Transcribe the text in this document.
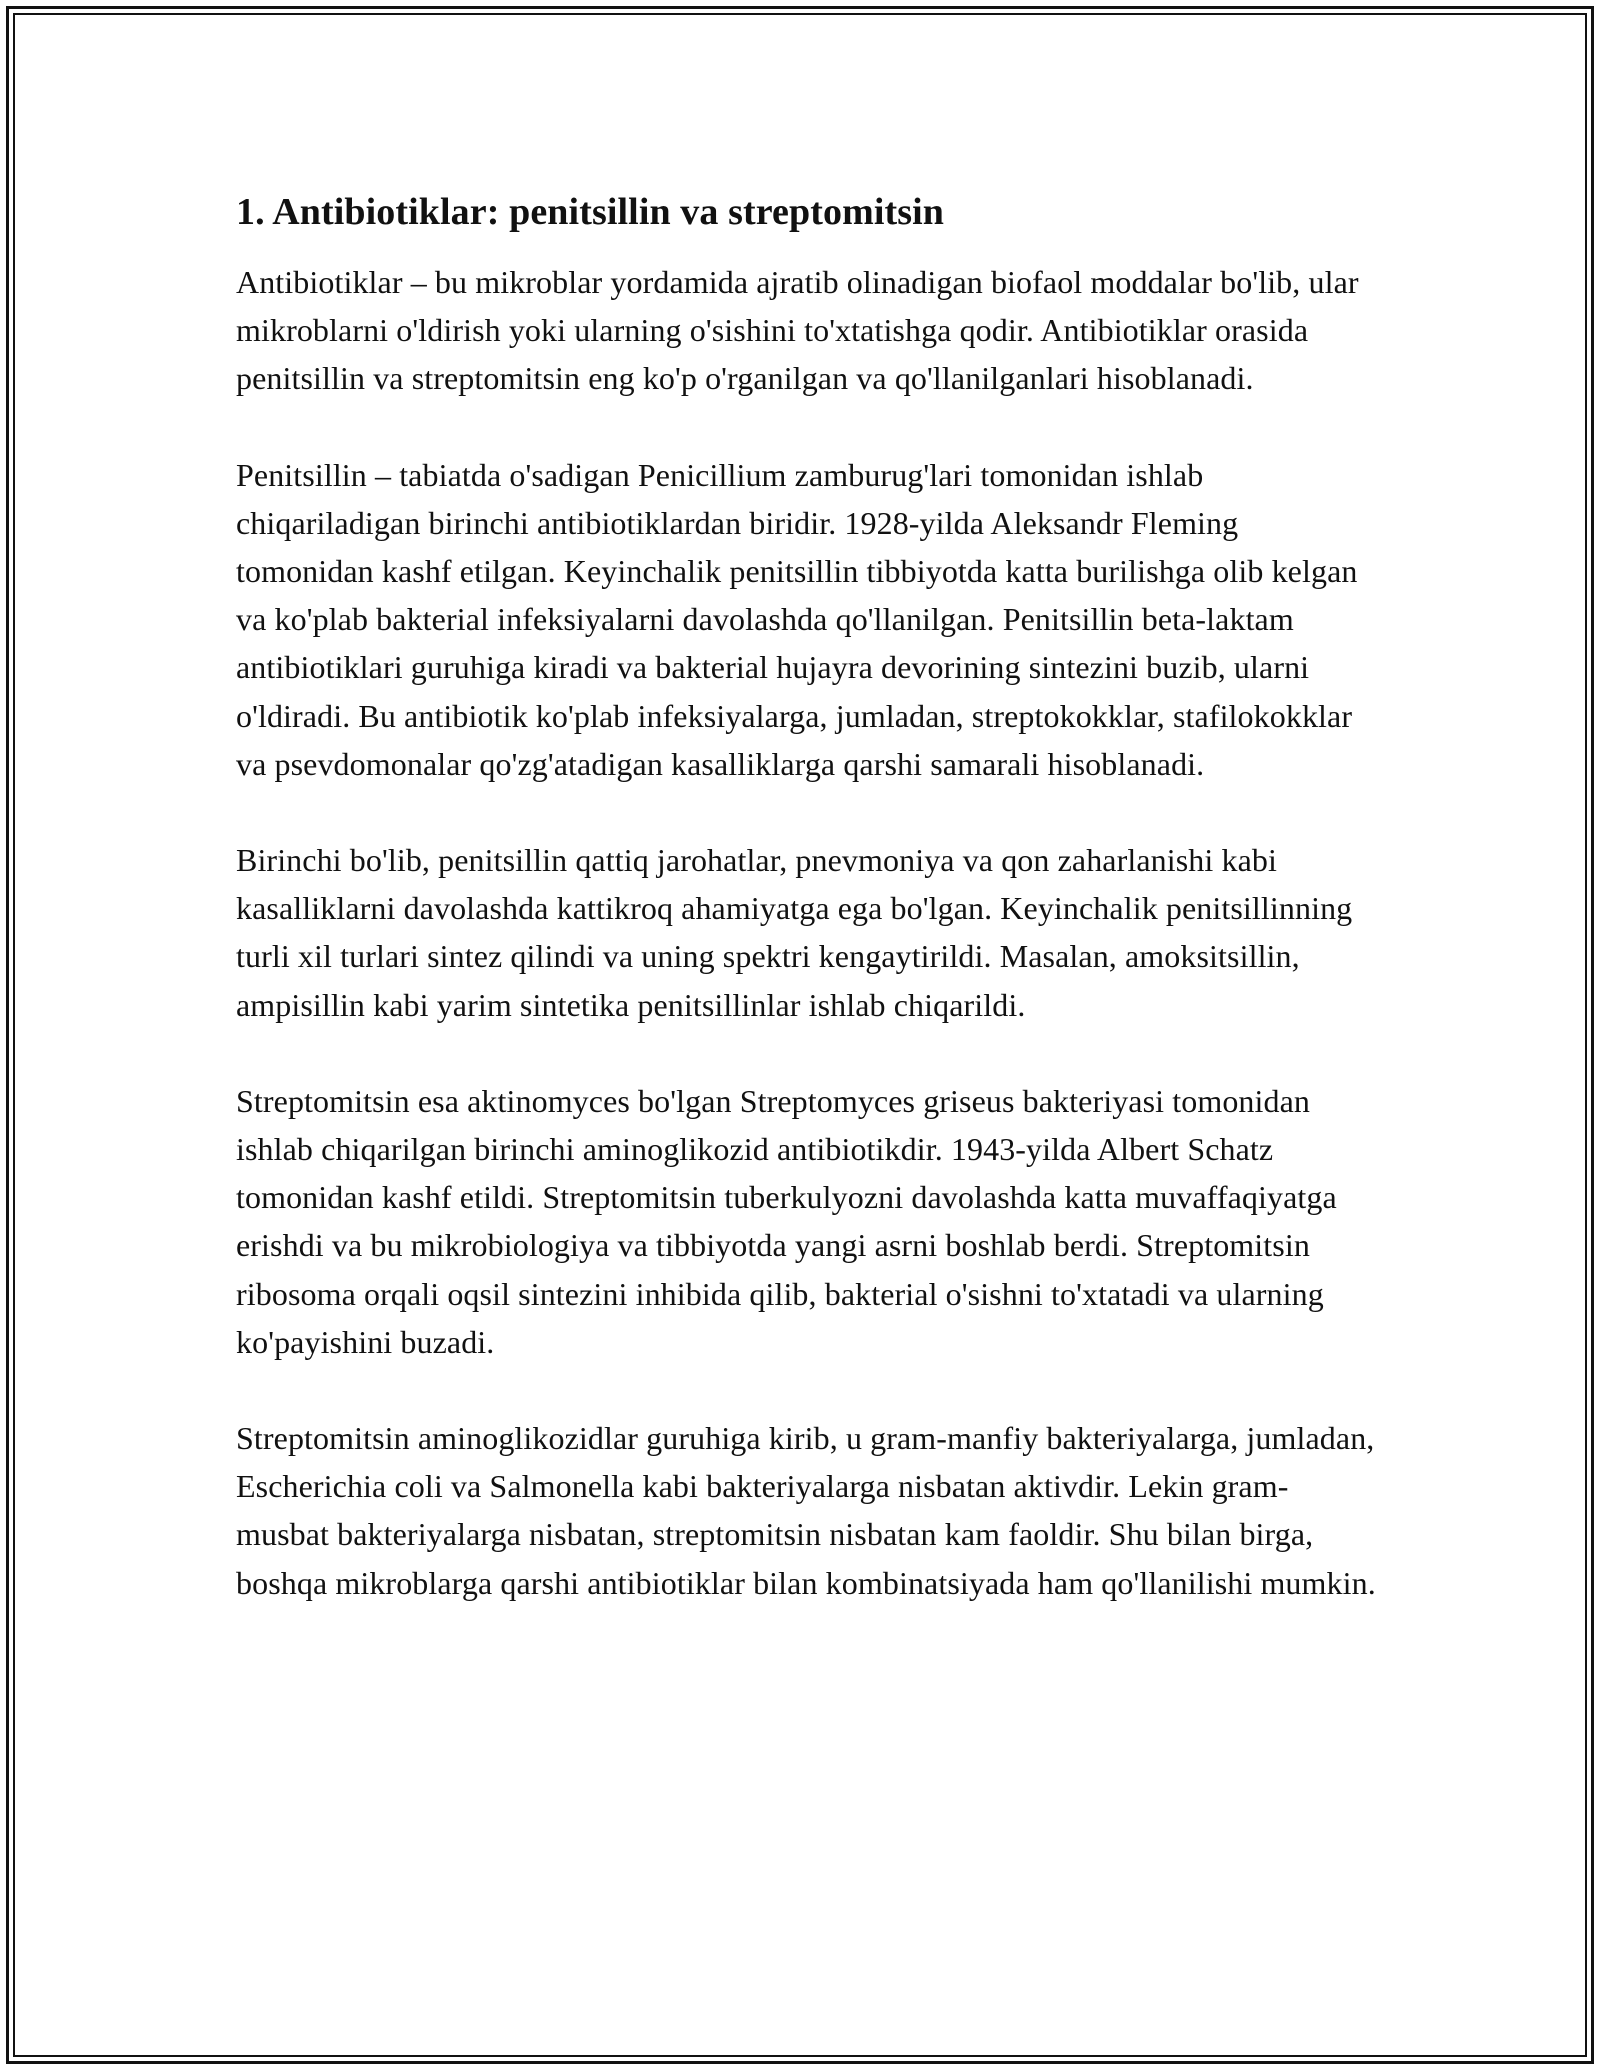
1. Antibiotiklar: penitsillin va streptomitsin

Antibiotiklar – bu mikroblar yordamida ajratib olinadigan biofaol moddalar bo'lib, ular mikroblarni o'ldirish yoki ularning o'sishini to'xtatishga qodir. Antibiotiklar orasida penitsillin va streptomitsin eng ko'p o'rganilgan va qo'llanilganlari hisoblanadi.

Penitsillin – tabiatda o'sadigan Penicillium zamburug'lari tomonidan ishlab chiqariladigan birinchi antibiotiklardan biridir. 1928-yilda Aleksandr Fleming tomonidan kashf etilgan. Keyinchalik penitsillin tibbiyotda katta burilishga olib kelgan va ko'plab bakterial infeksiyalarni davolashda qo'llanilgan. Penitsillin beta-laktam antibiotiklari guruhiga kiradi va bakterial hujayra devorining sintezini buzib, ularni o'ldiradi. Bu antibiotik ko'plab infeksiyalarga, jumladan, streptokokklar, stafilokokklar va psevdomonalar qo'zg'atadigan kasalliklarga qarshi samarali hisoblanadi.

Birinchi bo'lib, penitsillin qattiq jarohatlar, pnevmoniya va qon zaharlanishi kabi kasalliklarni davolashda kattikroq ahamiyatga ega bo'lgan. Keyinchalik penitsillinning turli xil turlari sintez qilindi va uning spektri kengaytirildi. Masalan, amoksitsillin, ampisillin kabi yarim sintetika penitsillinlar ishlab chiqarildi.

Streptomitsin esa aktinomyces bo'lgan Streptomyces griseus bakteriyasi tomonidan ishlab chiqarilgan birinchi aminoglikozid antibiotikdir. 1943-yilda Albert Schatz tomonidan kashf etildi. Streptomitsin tuberkulyozni davolashda katta muvaffaqiyatga erishdi va bu mikrobiologiya va tibbiyotda yangi asrni boshlab berdi. Streptomitsin ribosoma orqali oqsil sintezini inhibida qilib, bakterial o'sishni to'xtatadi va ularning ko'payishini buzadi.

Streptomitsin aminoglikozidlar guruhiga kirib, u gram-manfiy bakteriyalarga, jumladan, Escherichia coli va Salmonella kabi bakteriyalarga nisbatan aktivdir. Lekin gram-musbat bakteriyalarga nisbatan, streptomitsin nisbatan kam faoldir. Shu bilan birga, boshqa mikroblarga qarshi antibiotiklar bilan kombinatsiyada ham qo'llanilishi mumkin.
